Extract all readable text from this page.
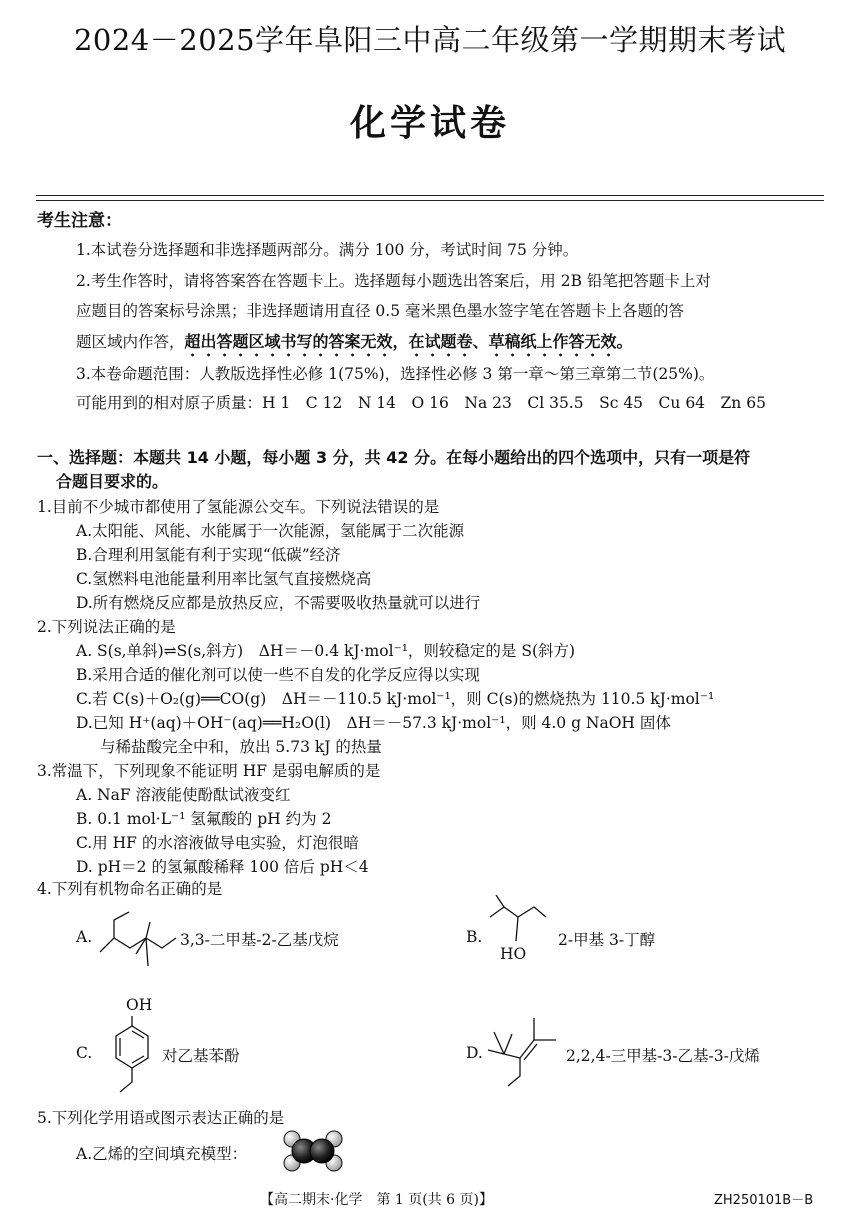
2024－2025学年阜阳三中高二年级第一学期期末考试
化学试卷
考生注意：
1.本试卷分选择题和非选择题两部分。满分 100 分，考试时间 75 分钟。
2.考生作答时，请将答案答在答题卡上。选择题每小题选出答案后，用 2B 铅笔把答题卡上对
应题目的答案标号涂黑；非选择题请用直径 0.5 毫米黑色墨水签字笔在答题卡上各题的答
题区域内作答，超出答题区域书写的答案无效，在试题卷、草稿纸上作答无效。
3.本卷命题范围：人教版选择性必修 1(75%)，选择性必修 3 第一章～第三章第二节(25%)。
可能用到的相对原子质量：H 1　C 12　N 14　O 16　Na 23　Cl 35.5　Sc 45　Cu 64　Zn 65
一、选择题：本题共 14 小题，每小题 3 分，共 42 分。在每小题给出的四个选项中，只有一项是符
合题目要求的。
1.目前不少城市都使用了氢能源公交车。下列说法错误的是
A.太阳能、风能、水能属于一次能源，氢能属于二次能源
B.合理利用氢能有利于实现“低碳”经济
C.氢燃料电池能量利用率比氢气直接燃烧高
D.所有燃烧反应都是放热反应，不需要吸收热量就可以进行
2.下列说法正确的是
A. S(s,单斜)⇌S(s,斜方)　ΔH＝－0.4 kJ·mol⁻¹，则较稳定的是 S(斜方)
B.采用合适的催化剂可以使一些不自发的化学反应得以实现
C.若 C(s)＋O₂(g)══CO(g)　ΔH＝－110.5 kJ·mol⁻¹，则 C(s)的燃烧热为 110.5 kJ·mol⁻¹
D.已知 H⁺(aq)＋OH⁻(aq)══H₂O(l)　ΔH＝－57.3 kJ·mol⁻¹，则 4.0 g NaOH 固体
与稀盐酸完全中和，放出 5.73 kJ 的热量
3.常温下，下列现象不能证明 HF 是弱电解质的是
A. NaF 溶液能使酚酞试液变红
B. 0.1 mol·L⁻¹ 氢氟酸的 pH 约为 2
C.用 HF 的水溶液做导电实验，灯泡很暗
D. pH＝2 的氢氟酸稀释 100 倍后 pH＜4
4.下列有机物命名正确的是
A.	3,3-二甲基-2-乙基戊烷	B.
HO
2-甲基 3-丁醇
OH
C.	对乙基苯酚	D.	2,2,4-三甲基-3-乙基-3-戊烯
5.下列化学用语或图示表达正确的是
A.乙烯的空间填充模型：
【高二期末·化学　第 1 页(共 6 页)】	ZH250101B－B
